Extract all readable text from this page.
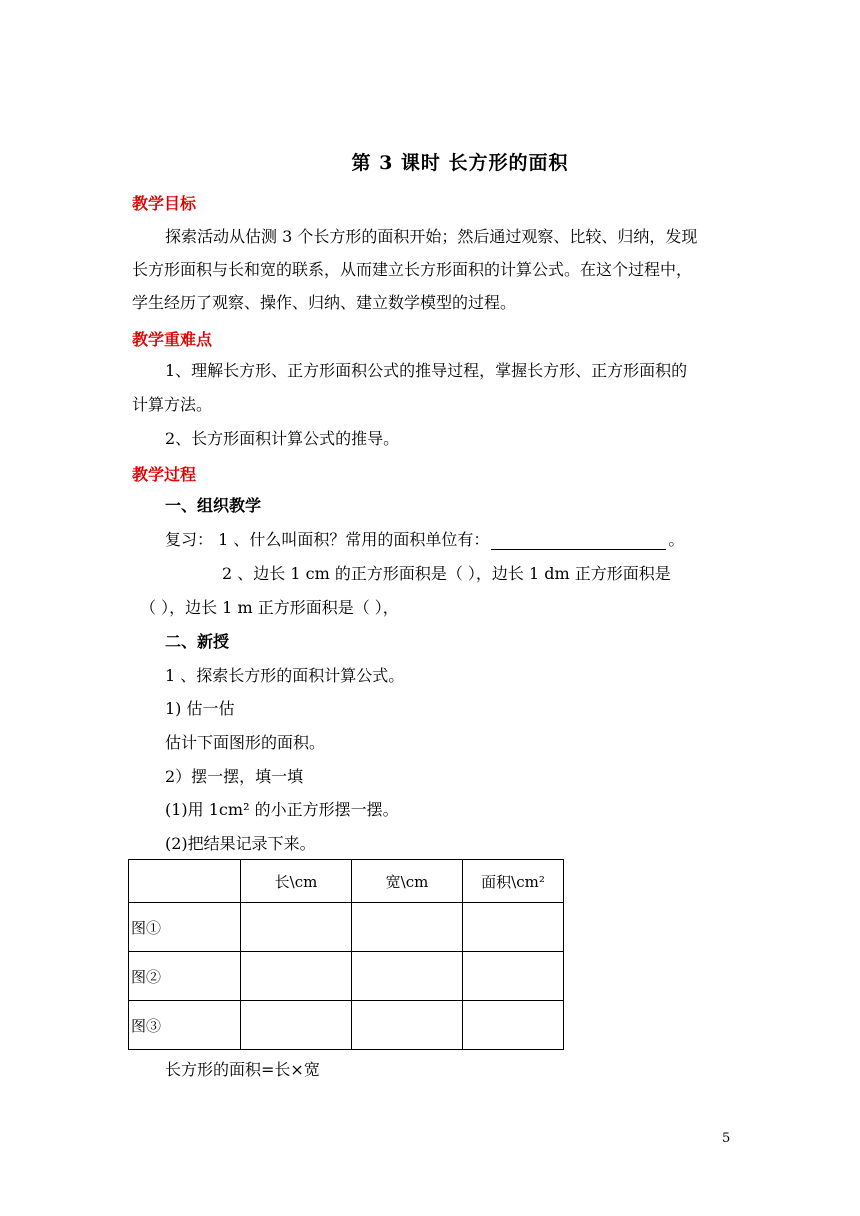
第 3 课时 长方形的面积
教学目标
探索活动从估测 3 个长方形的面积开始；然后通过观察、比较、归纳，发现
长方形面积与长和宽的联系，从而建立长方形面积的计算公式。在这个过程中，
学生经历了观察、操作、归纳、建立数学模型的过程。
教学重难点
1、理解长方形、正方形面积公式的推导过程，掌握长方形、正方形面积的
计算方法。
2、长方形面积计算公式的推导。
教学过程
一、组织教学
复习： 1 、什么叫面积？常用的面积单位有：	。
2 、边长 1 cm 的正方形面积是（ ），边长 1 dm 正方形面积是
（ ），边长 1 m 正方形面积是（ ），
二、新授
1 、探索长方形的面积计算公式。
1) 估一估
估计下面图形的面积。
2）摆一摆，填一填
(1)用 1cm² 的小正方形摆一摆。
(2)把结果记录下来。
	长\cm	宽\cm	面积\cm²
图①			
图②			
图③			
长方形的面积=长×宽
5
